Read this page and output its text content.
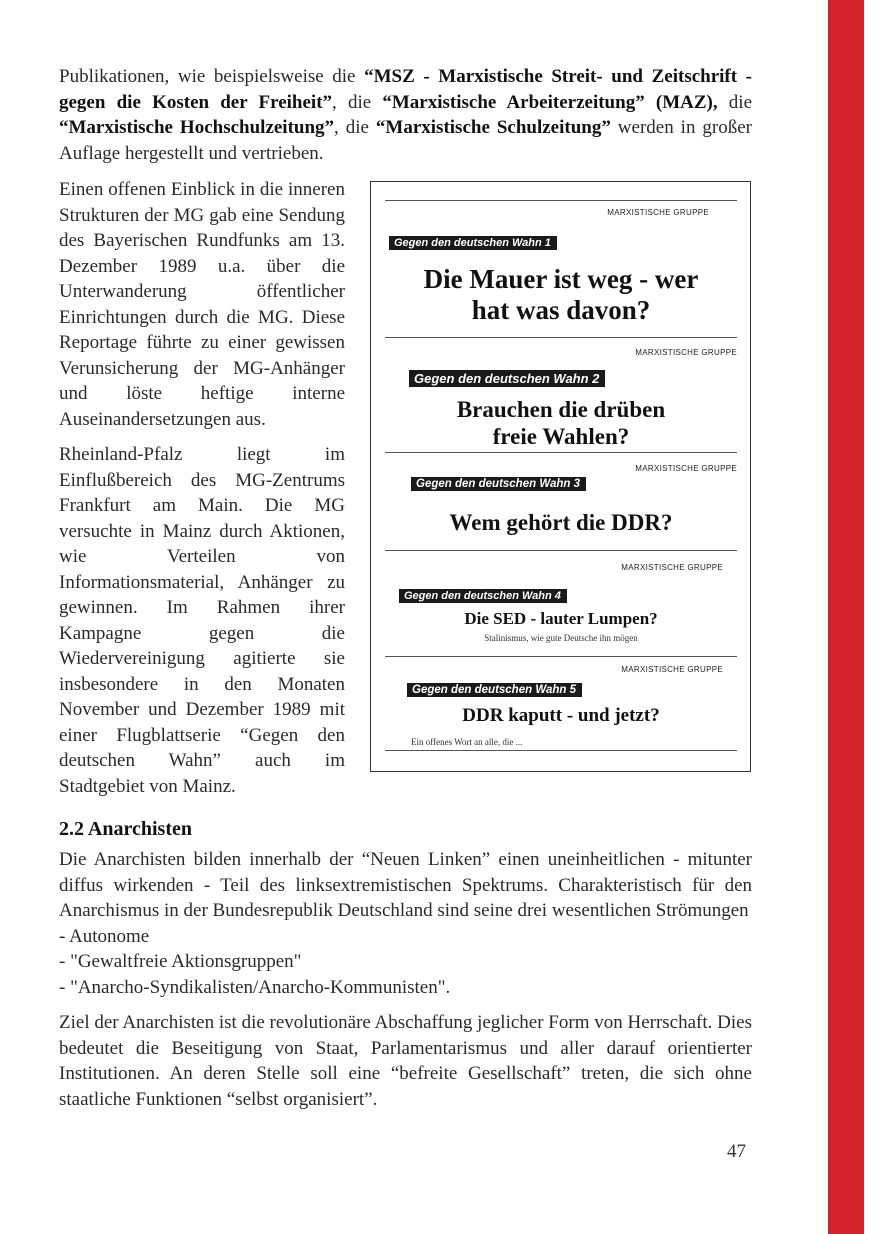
Publikationen, wie beispielsweise die “MSZ - Marxistische Streit- und Zeitschrift - gegen die Kosten der Freiheit”, die “Marxistische Arbeiterzeitung” (MAZ), die “Marxistische Hochschulzeitung”, die “Marxistische Schulzeitung” werden in großer Auflage hergestellt und vertrieben.

Einen offenen Einblick in die inneren Strukturen der MG gab eine Sendung des Bayerischen Rundfunks am 13. Dezember 1989 u.a. über die Unterwanderung öffentlicher Einrichtungen durch die MG. Diese Reportage führte zu einer gewissen Verunsicherung der MG-Anhänger und löste heftige interne Auseinandersetzungen aus.

Rheinland-Pfalz liegt im Einflußbereich des MG-Zentrums Frankfurt am Main. Die MG versuchte in Mainz durch Aktionen, wie Verteilen von Informationsmaterial, Anhänger zu gewinnen. Im Rahmen ihrer Kampagne gegen die Wiedervereinigung agitierte sie insbesondere in den Monaten November und Dezember 1989 mit einer Flugblattserie “Gegen den deutschen Wahn” auch im Stadtgebiet von Mainz.

MARXISTISCHE GRUPPE
Gegen den deutschen Wahn 1
Die Mauer ist weg - wer hat was davon?
MARXISTISCHE GRUPPE
Gegen den deutschen Wahn 2
Brauchen die drüben freie Wahlen?
MARXISTISCHE GRUPPE
Gegen den deutschen Wahn 3
Wem gehört die DDR?
MARXISTISCHE GRUPPE
Gegen den deutschen Wahn 4
Die SED - lauter Lumpen?
Stalinismus, wie gute Deutsche ihn mögen
MARXISTISCHE GRUPPE
Gegen den deutschen Wahn 5
DDR kaputt - und jetzt?
Ein offenes Wort an alle, die ...
2.2 Anarchisten

Die Anarchisten bilden innerhalb der “Neuen Linken” einen uneinheitlichen - mitunter diffus wirkenden - Teil des linksextremistischen Spektrums. Charakteristisch für den Anarchismus in der Bundesrepublik Deutschland sind seine drei wesentlichen Strömungen
- Autonome
- "Gewaltfreie Aktionsgruppen"
- "Anarcho-Syndikalisten/Anarcho-Kommunisten".

Ziel der Anarchisten ist die revolutionäre Abschaffung jeglicher Form von Herrschaft. Dies bedeutet die Beseitigung von Staat, Parlamentarismus und aller darauf orientierter Institutionen. An deren Stelle soll eine “befreite Gesellschaft” treten, die sich ohne staatliche Funktionen “selbst organisiert”.

47
